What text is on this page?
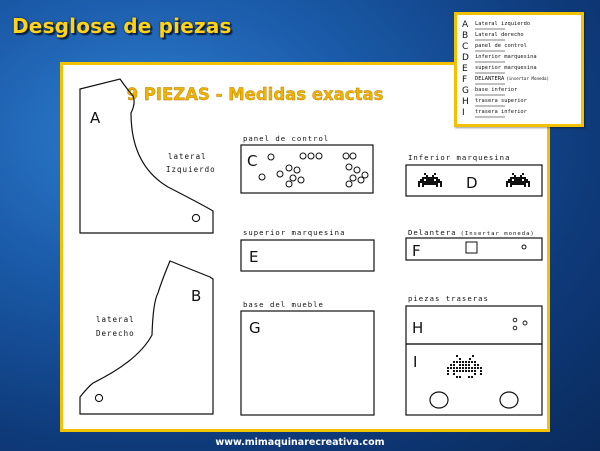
Desglose de piezas
9 PIEZAS - Medidas exactas
A
lateral
Izquierdo
B
lateral
Derecho
panel de control
C	Inferior marquesina
D
superior marquesina
E
Delantera (Insertar moneda)
F
base del mueble
G
piezas traseras
H
I
A Lateral izquierdo
B Lateral derecho
C panel de control
D inferior marquesina
E superior marquesina
F DELANTERA (insertar Moneda)
G base inferior
H trasera superior
I trasera inferior
www.mimaquinarecreativa.com
